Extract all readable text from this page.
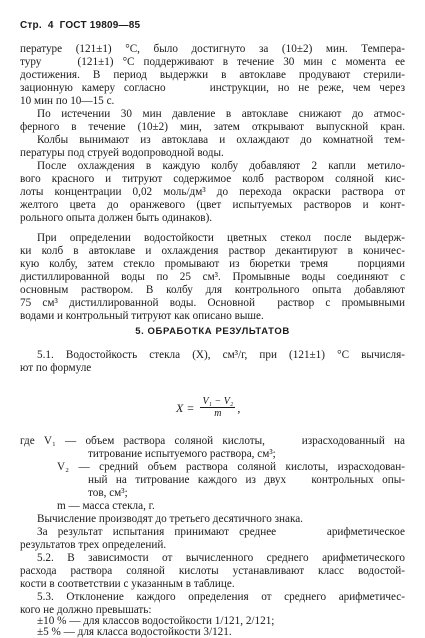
Стр. 4 ГОСТ 19809—85
пературе (121±1) °С, было достигнуто за (10±2) мин. Темпера-
туру    (121±1) °С поддерживают в течение 30 мин с момента ее
достижения. В период выдержки в автоклаве продувают стерили-
зационную камеру согласно     инструкции, но не реже, чем через
10 мин по 10—15 с.
По истечении 30 мин давление в автоклаве снижают до атмос-
ферного в течение (10±2) мин, затем открывают выпускной кран.
Колбы вынимают из автоклава и охлаждают до комнатной тем-
пературы под струей водопроводной воды.
После охлаждения в каждую колбу добавляют 2 капли метило-
вого красного и титруют содержимое колб раствором соляной кис-
лоты концентрации 0,02 моль/дм³ до перехода окраски раствора от
желтого цвета до оранжевого (цвет испытуемых растворов и конт-
рольного опыта должен быть одинаков).
При определении водостойкости цветных стекол после выдерж-
ки колб в автоклаве и охлаждения раствор декантируют в коничес-
кую колбу, затем стекло промывают из бюретки тремя   порциями
дистиллированной воды по 25 см³. Промывные воды соединяют с
основным раствором. В колбу для контрольного опыта добавляют
75 см³ дистиллированной воды. Основной  раствор с промывными
водами и контрольный титруют как описано выше.
5. ОБРАБОТКА РЕЗУЛЬТАТОВ
5.1. Водостойкость стекла (X), см³/г, при (121±1) °С вычисля-
ют по формуле
$X = \frac{\text{V₁ − V₂}}{m}$ ,
где V₁ — объем раствора соляной кислоты,    израсходованный на
титрование испытуемого раствора, см³;
V₂ — средний объем раствора соляной кислоты, израсходован-
ный на титрование каждого из двух   контрольных опы-
тов, см³;
m — масса стекла, г.
Вычисление производят до третьего десятичного знака.
За результат испытания принимают среднее     арифметическое
результатов трех определений.
5.2. В зависимости от вычисленного среднего арифметического
расхода раствора соляной кислоты устанавливают класс водостой-
кости в соответствии с указанным в таблице.
5.3. Отклонение каждого определения от среднего арифметичес-
кого не должно превышать:
±10 % — для классов водостойкости 1/121, 2/121;
±5 % — для класса водостойкости 3/121.
